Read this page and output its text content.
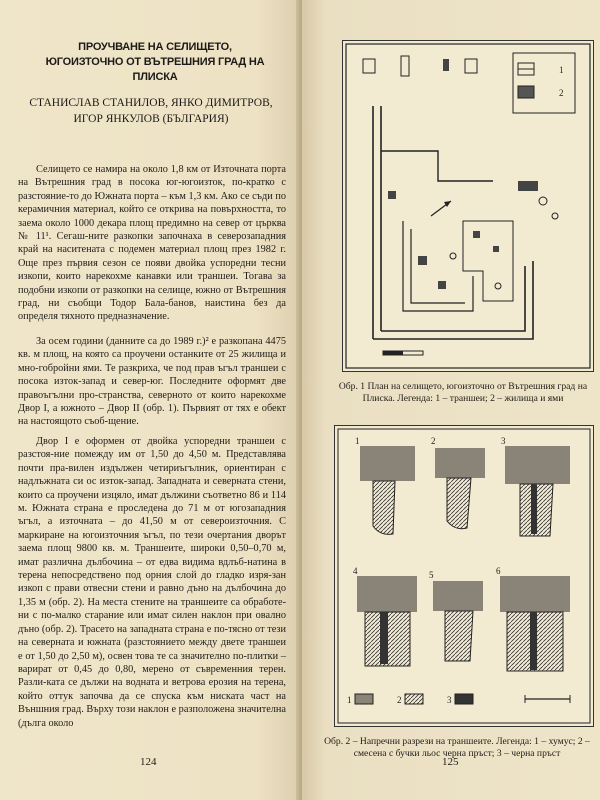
ПРОУЧВАНЕ НА СЕЛИЩЕТО, ЮГОИЗТОЧНО ОТ ВЪТРЕШНИЯ ГРАД НА ПЛИСКА
СТАНИСЛАВ СТАНИЛОВ, ЯНКО ДИМИТРОВ, ИГОР ЯНКУЛОВ (БЪЛГАРИЯ)

Селището се намира на около 1,8 км от Източната порта на Вътрешния град в посока юг-югоизток, по-кратко с разстояние-то до Южната порта – към 1,3 км. Ако се съди по керамичния материал, който се открива на повърхността, то заема около 1000 декара площ предимно на север от църква № 11¹. Сегаш-ните разкопки започнаха в северозападния край на наситената с подемен материал площ през 1982 г. Още през първия сезон се появи двойка успоредни тесни изкопи, които нарекохме канавки или траншеи. Тогава за подобни изкопи от разкопки на селище, южно от Вътрешния град, ни съобщи Тодор Бала-банов, наистина без да определя тяхното предназначение.

За осем години (данните са до 1989 г.)² е разкопана 4475 кв. м площ, на която са проучени останките от 25 жилища и мно-гобройни ями. Те разкриха, че под прав ъгъл траншеи с посока изток-запад и север-юг. Последните оформят две правоъгълни про-странства, северното от които нарекохме Двор I, а южното – Двор II (обр. 1). Първият от тях е обект на настоящото съоб-щение.

Двор I е оформен от двойка успоредни траншеи с разстоя-ние помежду им от 1,50 до 4,50 м. Представлява почти пра-вилен издължен четириъгълник, ориентиран с надлъжната си ос изток-запад. Западната и северната стени, които са проучени изцяло, имат дължини съответно 86 и 114 м. Южната страна е проследена до 71 м от югозападния ъгъл, а източната – до 41,50 м от североизточния. С маркиране на югоизточния ъгъл, по тези очертания дворът заема площ 9800 кв. м. Траншеите, широки 0,50–0,70 м, имат различна дълбочина – от едва видима вдлъб-натина в терена непосредствено под орния слой до гладко изря-зан изкоп с прави отвесни стени и равно дъно на дълбочина до 1,35 м (обр. 2). На места стените на траншеите са обработе-ни с по-малко старание или имат силен наклон при овално дъно (обр. 2). Трасето на западната страна е по-тясно от тези на северната и южната (разстоянието между двете траншеи е от 1,50 до 2,50 м), освен това те са значително по-плитки – варират от 0,45 до 0,80, мерено от съвременния терен. Разли-ката се дължи на водната и ветрова ерозия на терена, който оттук започва да се спуска към ниската част на Външния град. Върху този наклон е разположена значителна (дълга около

124
1
2
Обр. 1 План на селището, югоизточно от Вътрешния град на Плиска. Легенда: 1 – траншеи; 2 – жилища и ями
1	2	3
4	5	6
1	2	3
Обр. 2 – Напречни разрези на траншеите. Легенда: 1 – хумус; 2 – смесена с бучки льос черна пръст; 3 – черна пръст
125
